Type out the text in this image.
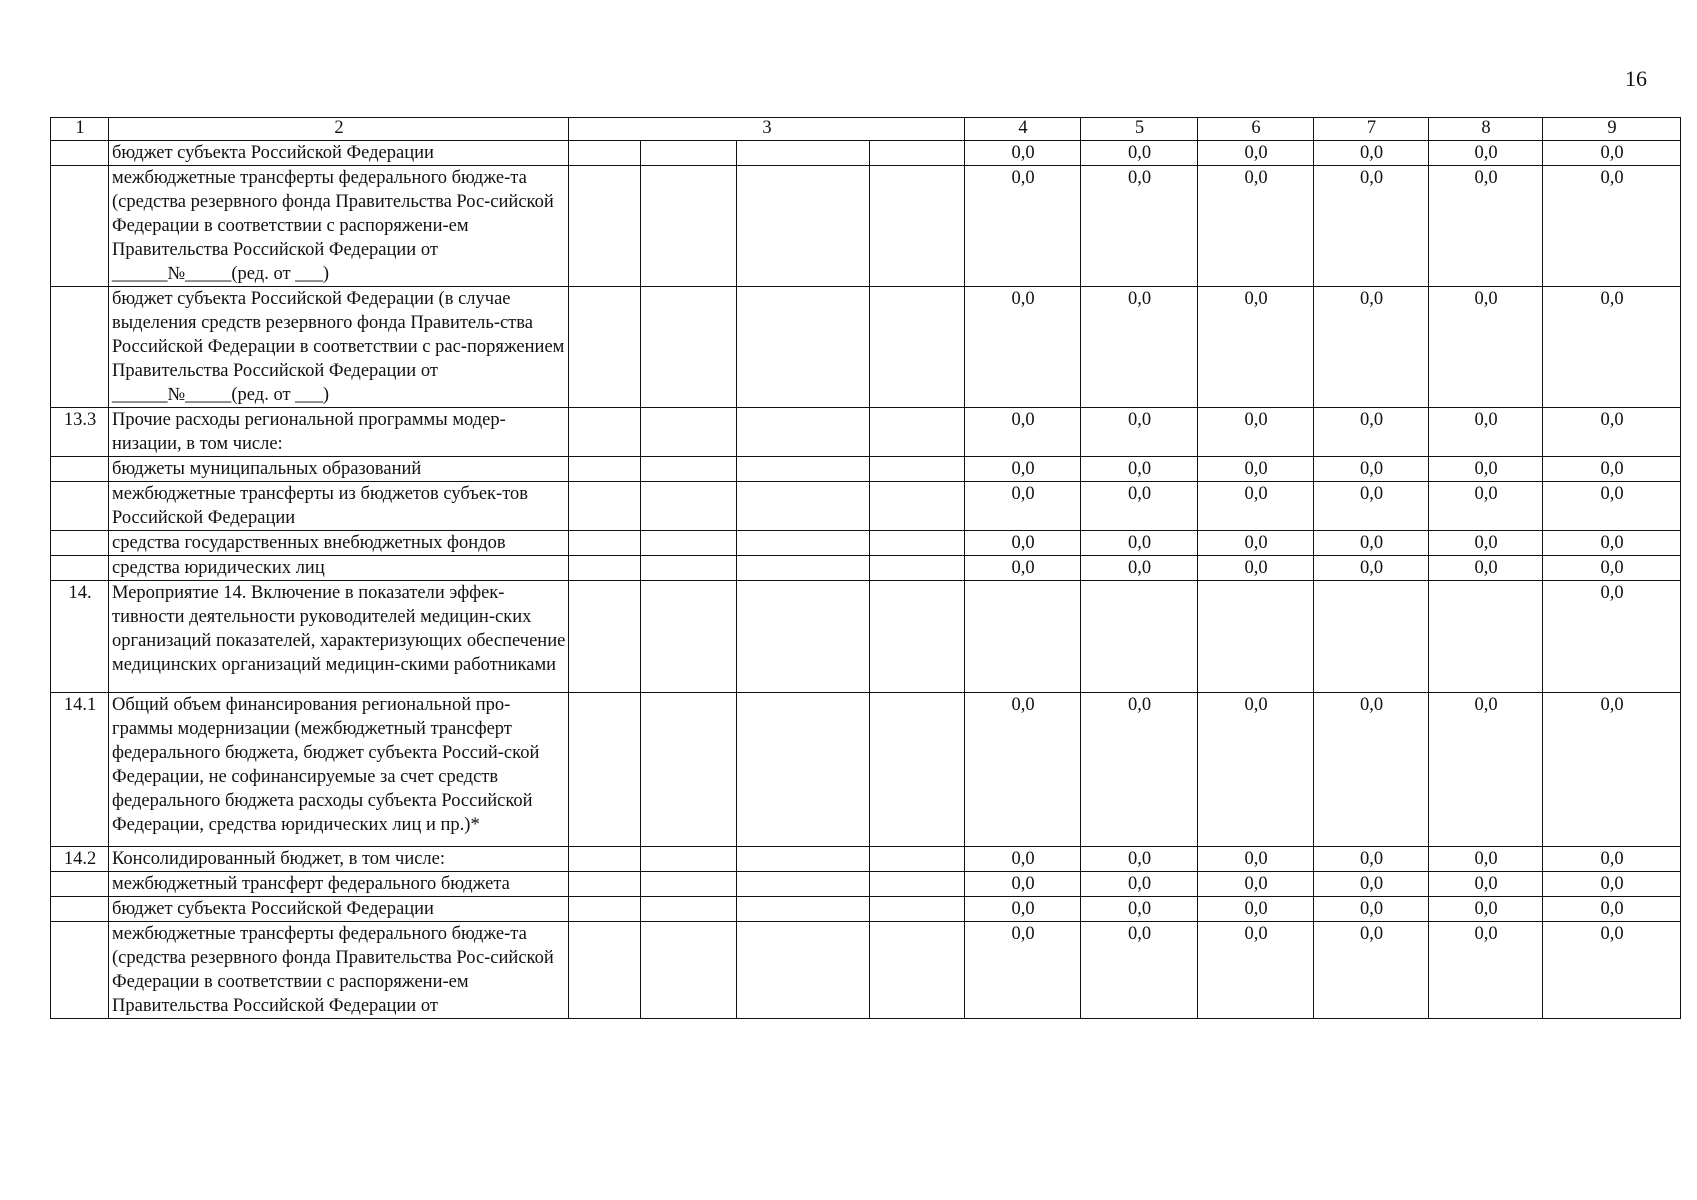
16
1	2	3				4	5	6	7	8	9
	бюджет субъекта Российской Федерации					0,0	0,0	0,0	0,0	0,0	0,0
	межбюджетные трансферты федерального бюдже-та (средства резервного фонда Правительства Рос-сийской Федерации в соответствии с распоряжени-ем Правительства Российской Федерации от ______№_____(ред. от ___)					0,0	0,0	0,0	0,0	0,0	0,0
	бюджет субъекта Российской Федерации (в случае выделения средств резервного фонда Правитель-ства Российской Федерации в соответствии с рас-поряжением Правительства Российской Федерации от ______№_____(ред. от ___)					0,0	0,0	0,0	0,0	0,0	0,0
13.3	Прочие расходы региональной программы модер-низации, в том числе:					0,0	0,0	0,0	0,0	0,0	0,0
	бюджеты муниципальных образований					0,0	0,0	0,0	0,0	0,0	0,0
	межбюджетные трансферты из бюджетов субъек-тов Российской Федерации					0,0	0,0	0,0	0,0	0,0	0,0
	средства государственных внебюджетных фондов					0,0	0,0	0,0	0,0	0,0	0,0
	средства юридических лиц					0,0	0,0	0,0	0,0	0,0	0,0
14.	Мероприятие 14. Включение в показатели эффек-тивности деятельности руководителей медицин-ских организаций показателей, характеризующих обеспечение медицинских организаций медицин-скими работниками										0,0
14.1	Общий объем финансирования региональной про-граммы модернизации (межбюджетный трансферт федерального бюджета, бюджет субъекта Россий-ской Федерации, не софинансируемые за счет средств федерального бюджета расходы субъекта Российской Федерации, средства юридических лиц и пр.)*					0,0	0,0	0,0	0,0	0,0	0,0
14.2	Консолидированный бюджет, в том числе:					0,0	0,0	0,0	0,0	0,0	0,0
	межбюджетный трансферт федерального бюджета					0,0	0,0	0,0	0,0	0,0	0,0
	бюджет субъекта Российской Федерации					0,0	0,0	0,0	0,0	0,0	0,0
	межбюджетные трансферты федерального бюдже-та (средства резервного фонда Правительства Рос-сийской Федерации в соответствии с распоряжени-ем Правительства Российской Федерации от					0,0	0,0	0,0	0,0	0,0	0,0
